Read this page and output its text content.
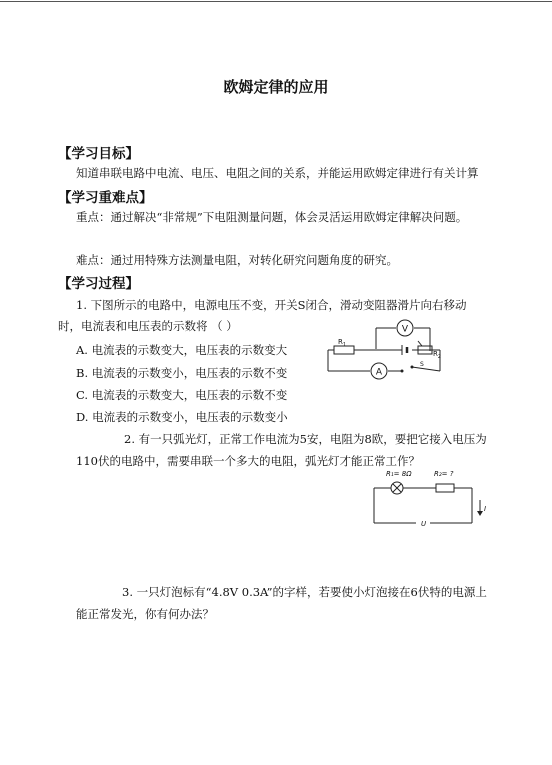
欧姆定律的应用
【学习目标】
知道串联电路中电流、电压、电阻之间的关系，并能运用欧姆定律进行有关计算
【学习重难点】
重点：通过解决“非常规”下电阻测量问题，体会灵活运用欧姆定律解决问题。
难点：通过用特殊方法测量电阻，对转化研究问题角度的研究。
【学习过程】
1. 下图所示的电路中，电源电压不变，开关S闭合，滑动变阻器滑片向右移动
时，电流表和电压表的示数将 （ ）
A. 电流表的示数变大，电压表的示数变大
B. 电流表的示数变小，电压表的示数不变
C. 电流表的示数变大，电压表的示数不变
D. 电流表的示数变小，电压表的示数变小
V
A
$R_1$
$R_2$
S
2. 有一只弧光灯，正常工作电流为5安，电阻为8欧，要把它接入电压为
110伏的电路中，需要串联一个多大的电阻，弧光灯才能正常工作？
R₁= 8Ω	R₂= ?
U
I
3. 一只灯泡标有“4.8V 0.3A”的字样，若要使小灯泡接在6伏特的电源上
能正常发光，你有何办法？
